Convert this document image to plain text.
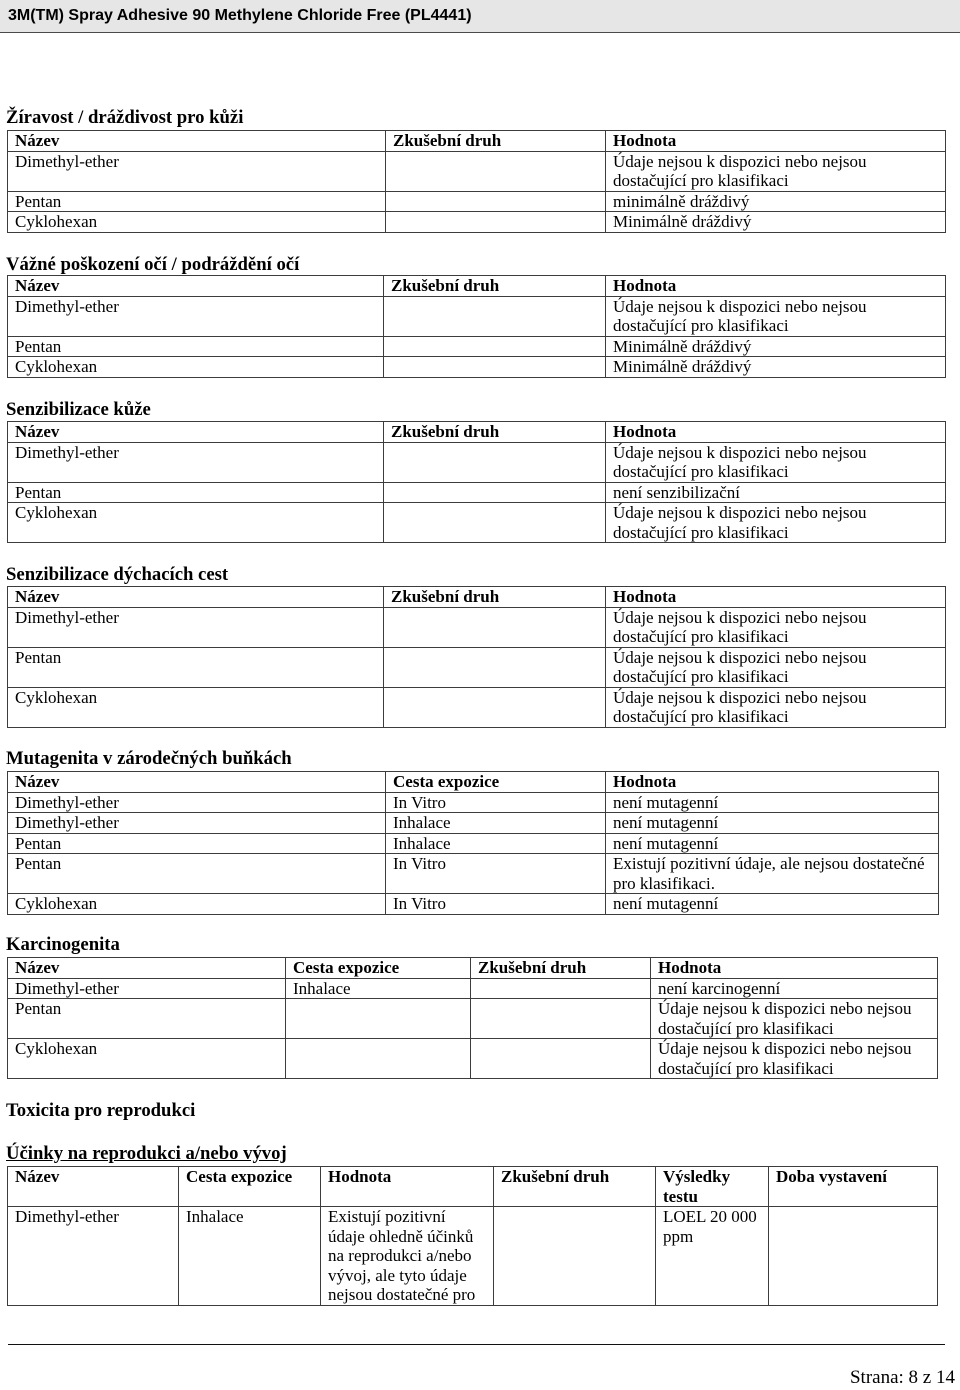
3M(TM) Spray Adhesive 90 Methylene Chloride Free (PL4441)
Žíravost / dráždivost pro kůži
Název	Zkušební druh	Hodnota
Dimethyl-ether		Údaje nejsou k dispozici nebo nejsou dostačující pro klasifikaci
Pentan		minimálně dráždivý
Cyklohexan		Minimálně dráždivý
Vážné poškození očí / podráždění očí
Název	Zkušební druh	Hodnota
Dimethyl-ether		Údaje nejsou k dispozici nebo nejsou dostačující pro klasifikaci
Pentan		Minimálně dráždivý
Cyklohexan		Minimálně dráždivý
Senzibilizace kůže
Název	Zkušební druh	Hodnota
Dimethyl-ether		Údaje nejsou k dispozici nebo nejsou dostačující pro klasifikaci
Pentan		není senzibilizační
Cyklohexan		Údaje nejsou k dispozici nebo nejsou dostačující pro klasifikaci
Senzibilizace dýchacích cest
Název	Zkušební druh	Hodnota
Dimethyl-ether		Údaje nejsou k dispozici nebo nejsou dostačující pro klasifikaci
Pentan		Údaje nejsou k dispozici nebo nejsou dostačující pro klasifikaci
Cyklohexan		Údaje nejsou k dispozici nebo nejsou dostačující pro klasifikaci
Mutagenita v zárodečných buňkách
Název	Cesta expozice	Hodnota
Dimethyl-ether	In Vitro	není mutagenní
Dimethyl-ether	Inhalace	není mutagenní
Pentan	Inhalace	není mutagenní
Pentan	In Vitro	Existují pozitivní údaje, ale nejsou dostatečné pro klasifikaci.
Cyklohexan	In Vitro	není mutagenní
Karcinogenita
Název	Cesta expozice	Zkušební druh	Hodnota
Dimethyl-ether	Inhalace		není karcinogenní
Pentan			Údaje nejsou k dispozici nebo nejsou dostačující pro klasifikaci
Cyklohexan			Údaje nejsou k dispozici nebo nejsou dostačující pro klasifikaci
Toxicita pro reprodukci
Účinky na reprodukci a/nebo vývoj
Název	Cesta expozice	Hodnota	Zkušební druh	Výsledky testu	Doba vystavení
Dimethyl-ether	Inhalace	Existují pozitivní údaje ohledně účinků na reprodukci a/nebo vývoj, ale tyto údaje nejsou dostatečné pro		LOEL 20 000 ppm	
Strana: 8 z 14
